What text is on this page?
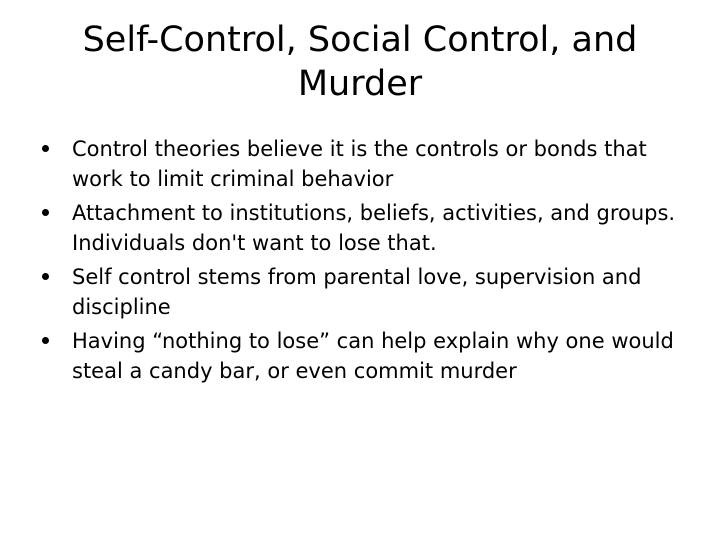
Self-Control, Social Control, and Murder
Control theories believe it is the controls or bonds that work to limit criminal behavior
Attachment to institutions, beliefs, activities, and groups. Individuals don't want to lose that.
Self control stems from parental love, supervision and discipline
Having “nothing to lose” can help explain why one would steal a candy bar, or even commit murder
